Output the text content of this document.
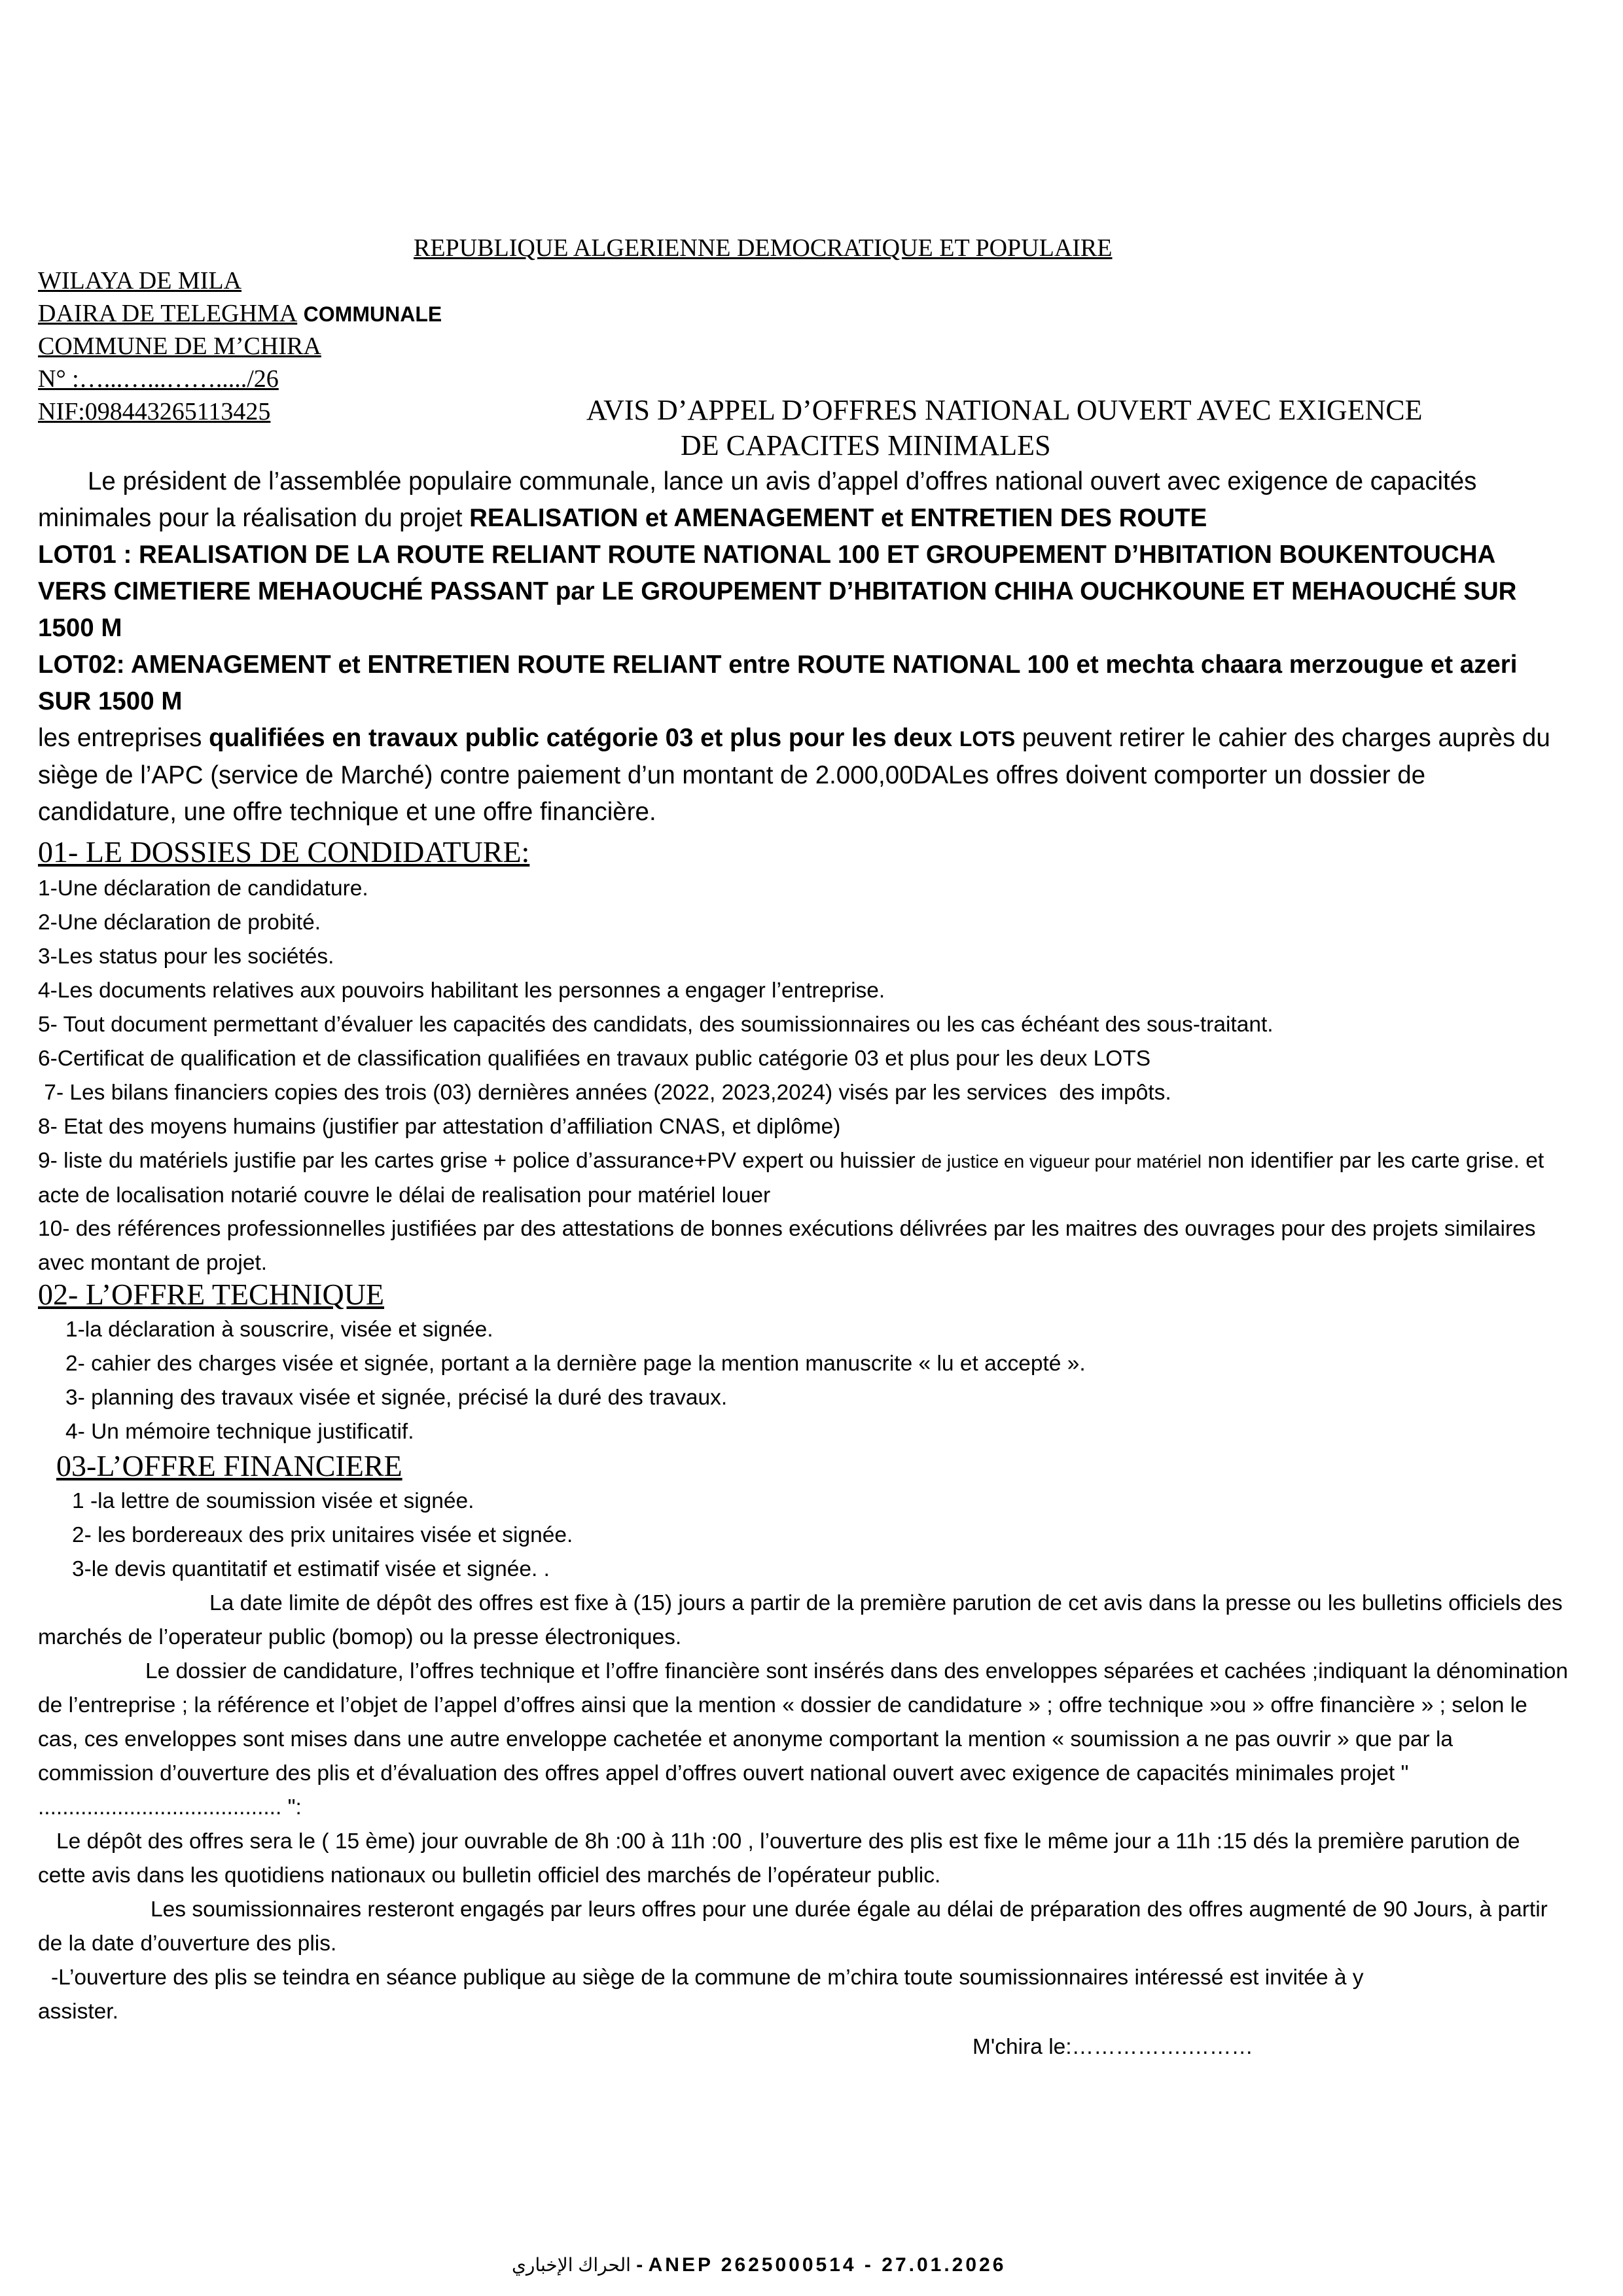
REPUBLIQUE ALGERIENNE DEMOCRATIQUE ET POPULAIRE
WILAYA DE MILA
DAIRA DE TELEGHMA COMMUNALE
COMMUNE DE M’CHIRA
N° :…...…...……...../26
NIF:098443265113425	AVIS D’APPEL D’OFFRES NATIONAL OUVERT AVEC EXIGENCE
DE CAPACITES MINIMALES
Le président de l’assemblée populaire communale, lance un avis d’appel d’offres national ouvert avec exigence de capacités minimales pour la réalisation du projet REALISATION et AMENAGEMENT et ENTRETIEN DES ROUTE
LOT01 : REALISATION DE LA ROUTE RELIANT ROUTE NATIONAL 100 ET GROUPEMENT D’HBITATION BOUKENTOUCHA VERS CIMETIERE MEHAOUCHÉ PASSANT par LE GROUPEMENT D’HBITATION CHIHA OUCHKOUNE ET MEHAOUCHÉ SUR 1500 M
LOT02: AMENAGEMENT et ENTRETIEN ROUTE RELIANT entre ROUTE NATIONAL 100 et mechta chaara merzougue et azeri SUR 1500 M
les entreprises qualifiées en travaux public catégorie 03 et plus pour les deux LOTS peuvent retirer le cahier des charges auprès du siège de l’APC (service de Marché) contre paiement d’un montant de 2.000,00DALes offres doivent comporter un dossier de candidature, une offre technique et une offre financière.
01- LE DOSSIES DE CONDIDATURE:
1-Une déclaration de candidature.
2-Une déclaration de probité.
3-Les status pour les sociétés.
4-Les documents relatives aux pouvoirs habilitant les personnes a engager l’entreprise.
5- Tout document permettant d’évaluer les capacités des candidats, des soumissionnaires ou les cas échéant des sous-traitant.
6-Certificat de qualification et de classification qualifiées en travaux public catégorie 03 et plus pour les deux LOTS
7- Les bilans financiers copies des trois (03) dernières années (2022, 2023,2024) visés par les services  des impôts.
8- Etat des moyens humains (justifier par attestation d’affiliation CNAS, et diplôme)
9- liste du matériels justifie par les cartes grise + police d’assurance+PV expert ou huissier de justice en vigueur pour matériel non identifier par les carte grise. et acte de localisation notarié couvre le délai de realisation pour matériel louer
10- des références professionnelles justifiées par des attestations de bonnes exécutions délivrées par les maitres des ouvrages pour des projets similaires avec montant de projet.
02- L’OFFRE TECHNIQUE
1-la déclaration à souscrire, visée et signée.
2- cahier des charges visée et signée, portant a la dernière page la mention manuscrite « lu et accepté ».
3- planning des travaux visée et signée, précisé la duré des travaux.
4- Un mémoire technique justificatif.
03-L’OFFRE FINANCIERE
1 -la lettre de soumission visée et signée.
2- les bordereaux des prix unitaires visée et signée.
3-le devis quantitatif et estimatif visée et signée. .
La date limite de dépôt des offres est fixe à (15) jours a partir de la première parution de cet avis dans la presse ou les bulletins officiels des marchés de l’operateur public (bomop) ou la presse électroniques.
Le dossier de candidature, l’offres technique et l’offre financière sont insérés dans des enveloppes séparées et cachées ;indiquant la dénomination de l’entreprise ; la référence et l’objet de l’appel d’offres ainsi que la mention « dossier de candidature » ; offre technique »ou » offre financière » ; selon le cas, ces enveloppes sont mises dans une autre enveloppe cachetée et anonyme comportant la mention « soumission a ne pas ouvrir » que par la commission d’ouverture des plis et d’évaluation des offres appel d’offres ouvert national ouvert avec exigence de capacités minimales projet " ........................................ ":
Le dépôt des offres sera le ( 15 ème) jour ouvrable de 8h :00 à 11h :00 , l’ouverture des plis est fixe le même jour a 11h :15 dés la première parution de cette avis dans les quotidiens nationaux ou bulletin officiel des marchés de l’opérateur public.
Les soumissionnaires resteront engagés par leurs offres pour une durée égale au délai de préparation des offres augmenté de 90 Jours, à partir de la date d’ouverture des plis.
-L’ouverture des plis se teindra en séance publique au siège de la commune de m’chira toute soumissionnaires intéressé est invitée à y assister.
M'chira le:…………….………
الحراك الإخباري - ANEP 2625000514 - 27.01.2026
